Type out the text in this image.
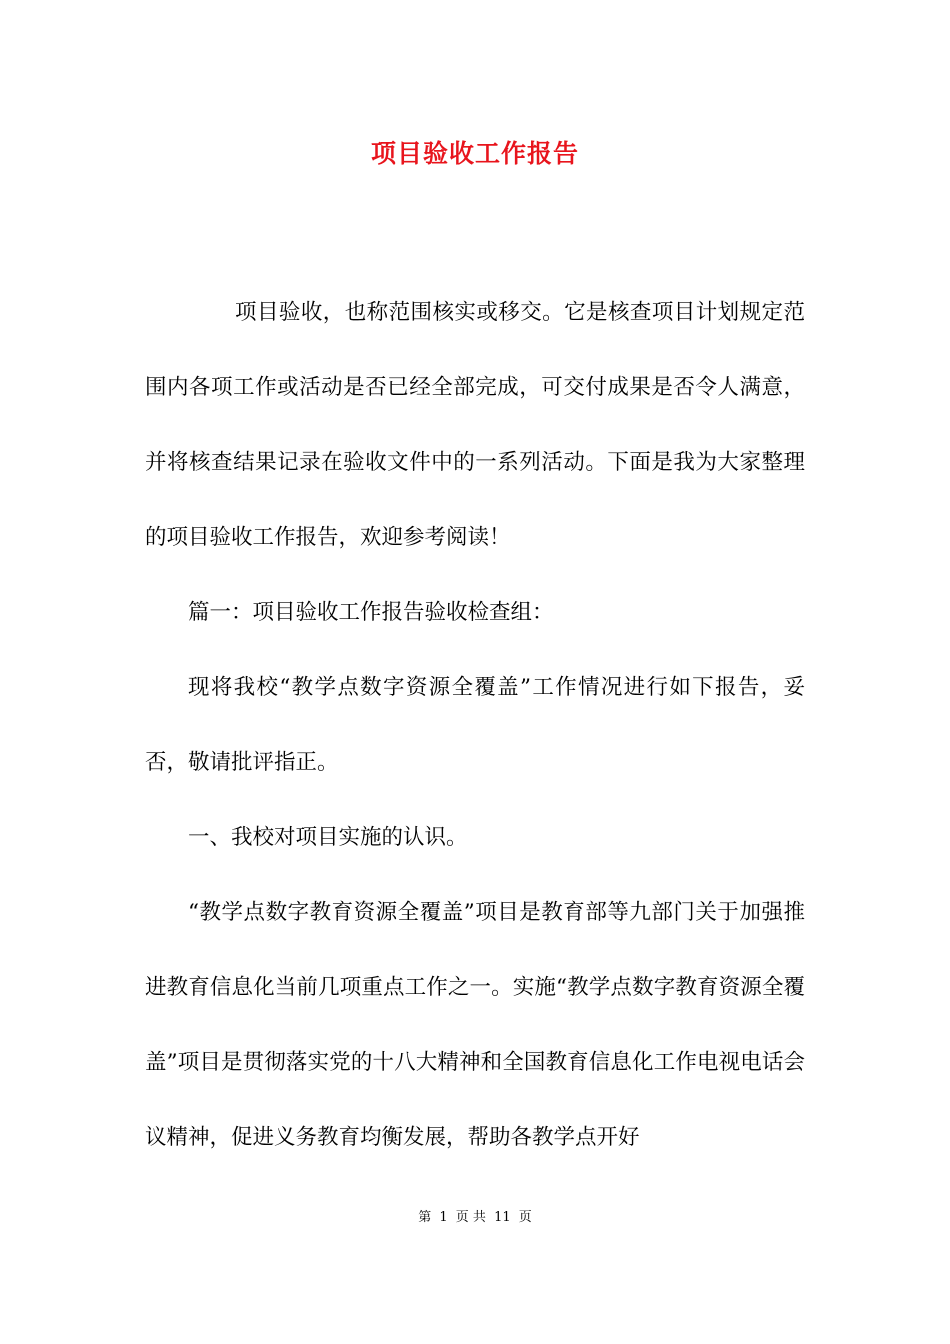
项目验收工作报告

项目验收，也称范围核实或移交。它是核查项目计划规定范围内各项工作或活动是否已经全部完成，可交付成果是否令人满意，并将核查结果记录在验收文件中的一系列活动。下面是我为大家整理的项目验收工作报告，欢迎参考阅读！

篇一：项目验收工作报告验收检查组：

现将我校“教学点数字资源全覆盖”工作情况进行如下报告，妥否，敬请批评指正。

一、我校对项目实施的认识。

“教学点数字教育资源全覆盖”项目是教育部等九部门关于加强推进教育信息化当前几项重点工作之一。实施“教学点数字教育资源全覆盖”项目是贯彻落实党的十八大精神和全国教育信息化工作电视电话会议精神，促进义务教育均衡发展，帮助各教学点开好

第 1 页 共 11 页
